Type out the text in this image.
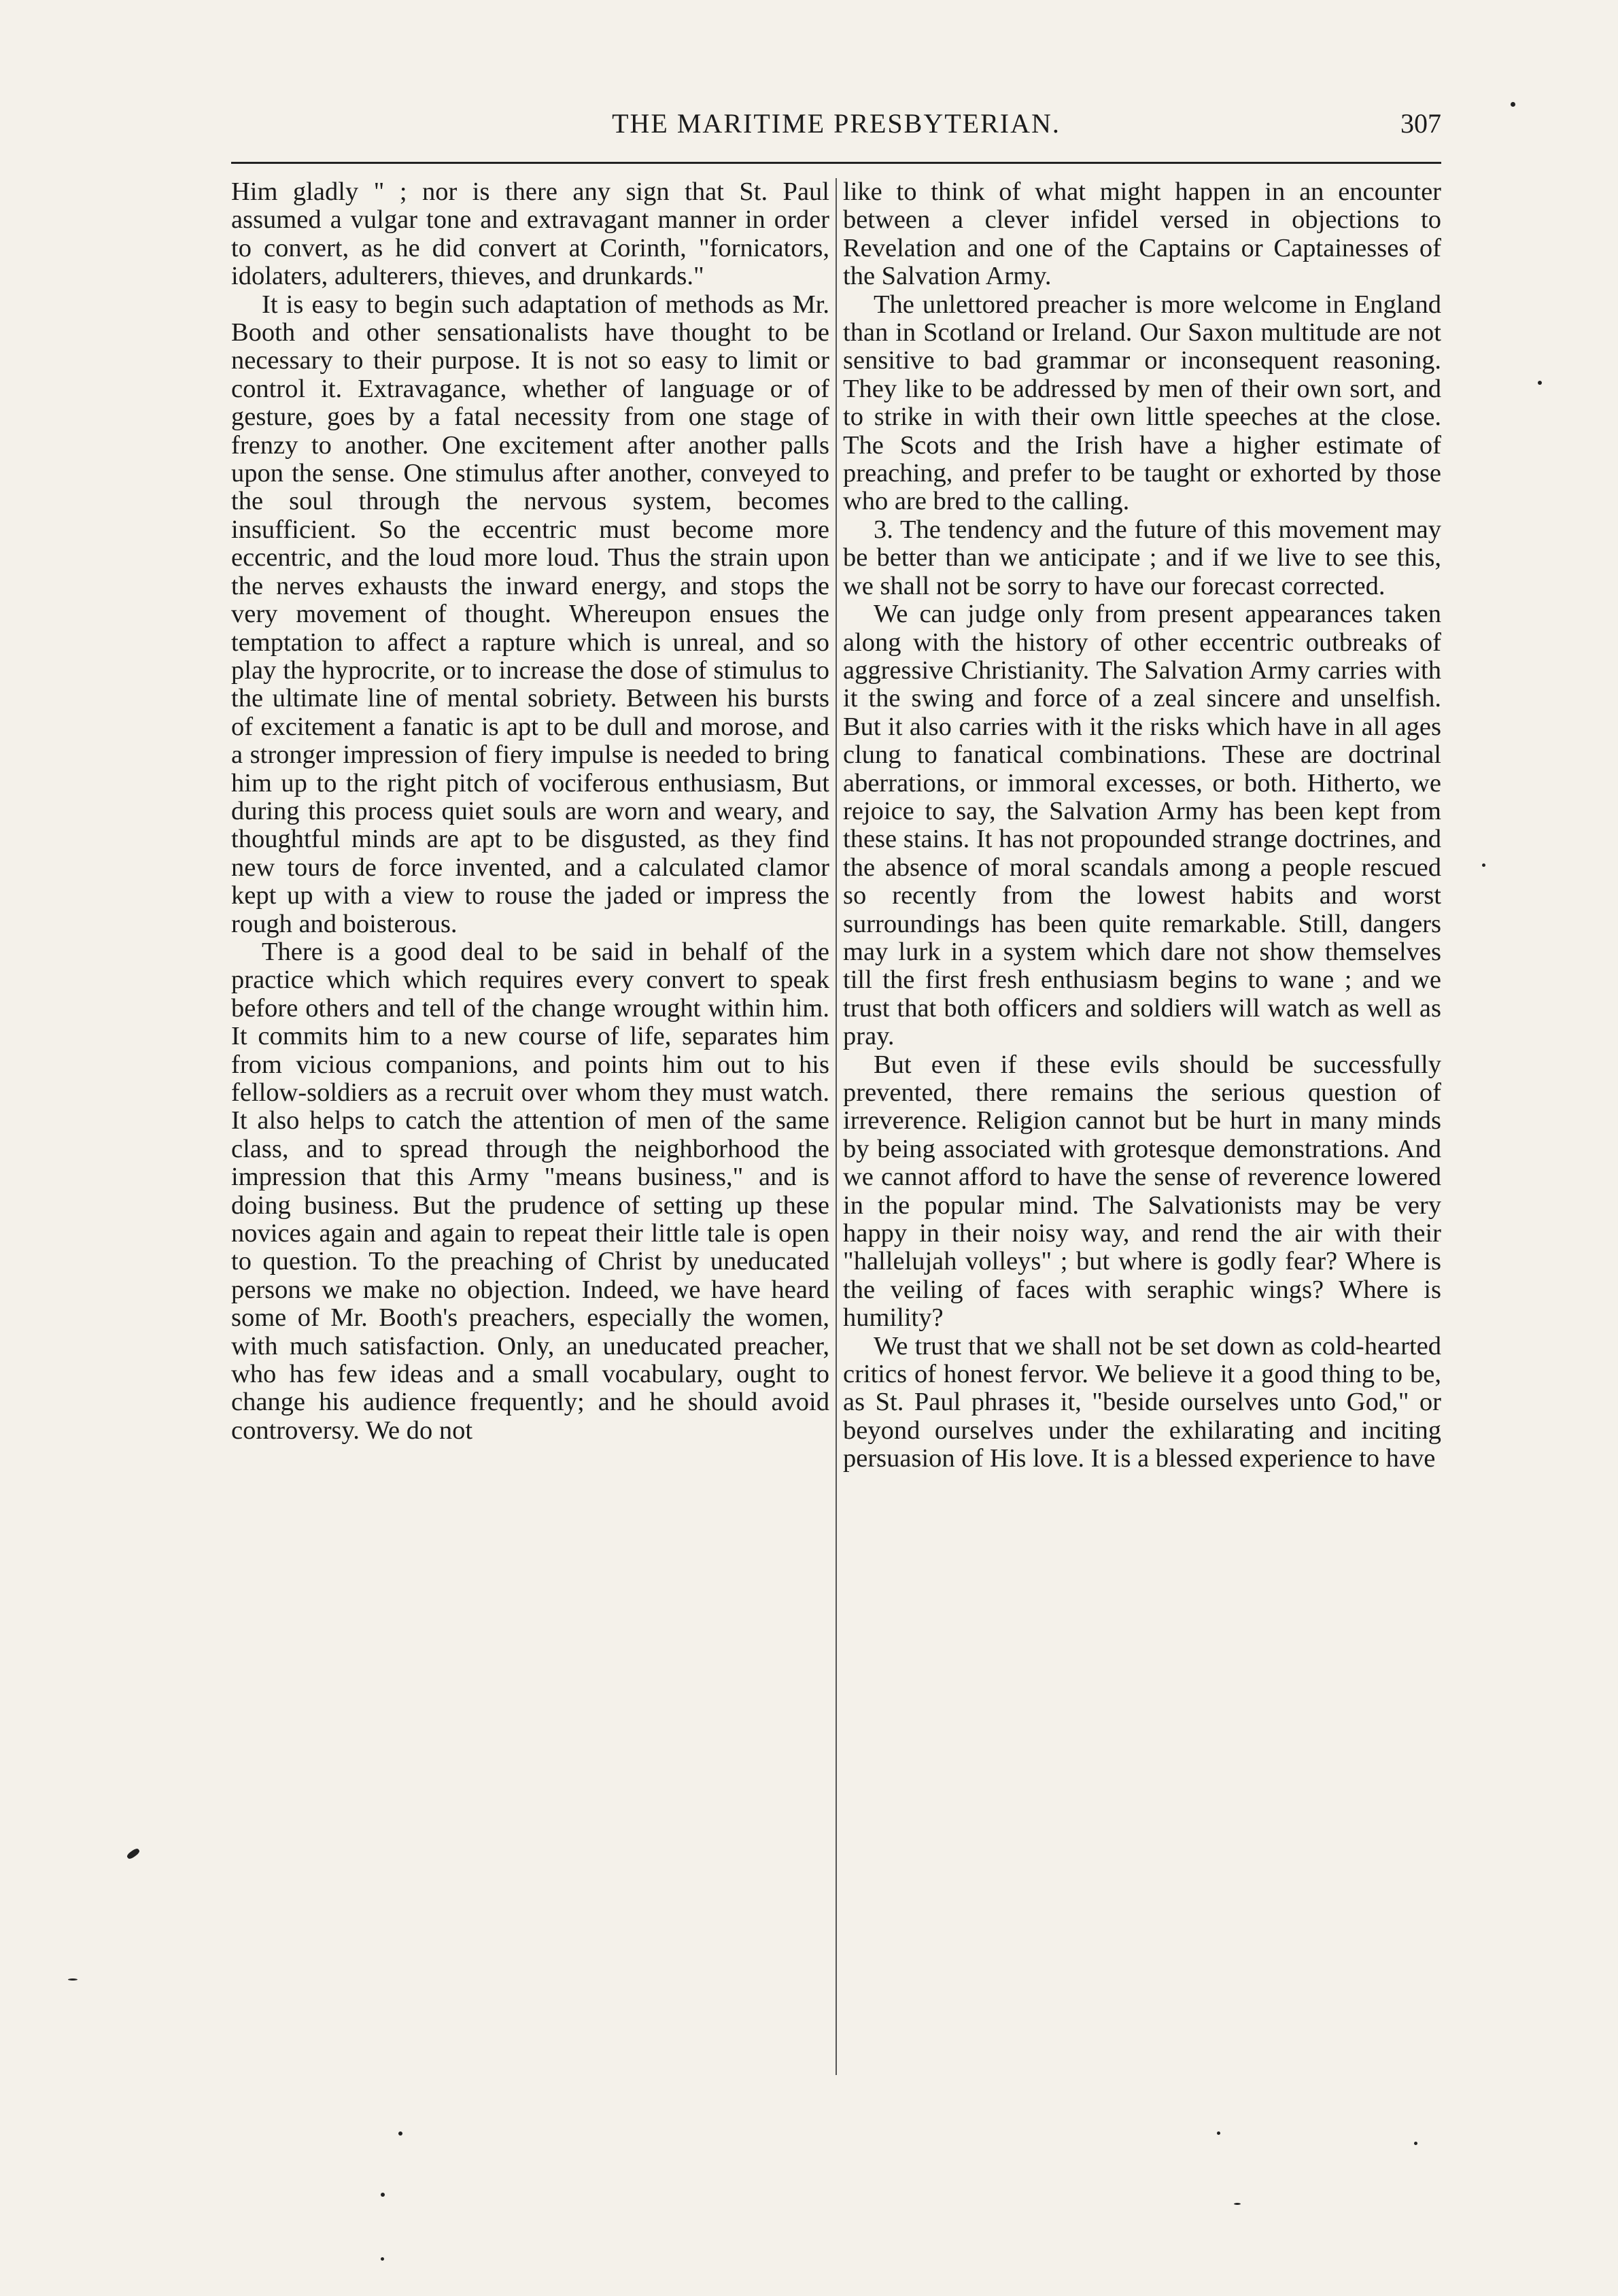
THE MARITIME PRESBYTERIAN.	307

Him gladly " ; nor is there any sign that St. Paul assumed a vulgar tone and extravagant manner in order to convert, as he did convert at Corinth, "fornicators, idolaters, adulterers, thieves, and drunkards."

It is easy to begin such adaptation of methods as Mr. Booth and other sensationalists have thought to be necessary to their purpose. It is not so easy to limit or control it. Extravagance, whether of language or of gesture, goes by a fatal necessity from one stage of frenzy to another. One excitement after another palls upon the sense. One stimulus after another, conveyed to the soul through the nervous system, becomes insufficient. So the eccentric must become more eccentric, and the loud more loud. Thus the strain upon the nerves exhausts the inward energy, and stops the very movement of thought. Whereupon ensues the temptation to affect a rapture which is unreal, and so play the hyprocrite, or to increase the dose of stimulus to the ultimate line of mental sobriety. Between his bursts of excitement a fanatic is apt to be dull and morose, and a stronger impression of fiery impulse is needed to bring him up to the right pitch of vociferous enthusiasm, But during this process quiet souls are worn and weary, and thoughtful minds are apt to be disgusted, as they find new tours de force invented, and a calculated clamor kept up with a view to rouse the jaded or impress the rough and boisterous.

There is a good deal to be said in behalf of the practice which which requires every convert to speak before others and tell of the change wrought within him. It commits him to a new course of life, separates him from vicious companions, and points him out to his fellow-soldiers as a recruit over whom they must watch. It also helps to catch the attention of men of the same class, and to spread through the neighborhood the impression that this Army "means business," and is doing business. But the prudence of setting up these novices again and again to repeat their little tale is open to question. To the preaching of Christ by uneducated persons we make no objection. Indeed, we have heard some of Mr. Booth's preachers, especially the women, with much satisfaction. Only, an uneducated preacher, who has few ideas and a small vocabulary, ought to change his audience frequently; and he should avoid controversy. We do not

like to think of what might happen in an encounter between a clever infidel versed in objections to Revelation and one of the Captains or Captainesses of the Salvation Army.

The unlettored preacher is more welcome in England than in Scotland or Ireland. Our Saxon multitude are not sensitive to bad grammar or inconsequent reasoning. They like to be addressed by men of their own sort, and to strike in with their own little speeches at the close. The Scots and the Irish have a higher estimate of preaching, and prefer to be taught or exhorted by those who are bred to the calling.

3. The tendency and the future of this movement may be better than we anticipate ; and if we live to see this, we shall not be sorry to have our forecast corrected.

We can judge only from present appearances taken along with the history of other eccentric outbreaks of aggressive Christianity. The Salvation Army carries with it the swing and force of a zeal sincere and unselfish. But it also carries with it the risks which have in all ages clung to fanatical combinations. These are doctrinal aberrations, or immoral excesses, or both. Hitherto, we rejoice to say, the Salvation Army has been kept from these stains. It has not propounded strange doctrines, and the absence of moral scandals among a people rescued so recently from the lowest habits and worst surroundings has been quite remarkable. Still, dangers may lurk in a system which dare not show themselves till the first fresh enthusiasm begins to wane ; and we trust that both officers and soldiers will watch as well as pray.

But even if these evils should be successfully prevented, there remains the serious question of irreverence. Religion cannot but be hurt in many minds by being associated with grotesque demonstrations. And we cannot afford to have the sense of reverence lowered in the popular mind. The Salvationists may be very happy in their noisy way, and rend the air with their "hallelujah volleys" ; but where is godly fear? Where is the veiling of faces with seraphic wings? Where is humility?

We trust that we shall not be set down as cold-hearted critics of honest fervor. We believe it a good thing to be, as St. Paul phrases it, "beside ourselves unto God," or beyond ourselves under the exhilarating and inciting persuasion of His love. It is a blessed experience to have
